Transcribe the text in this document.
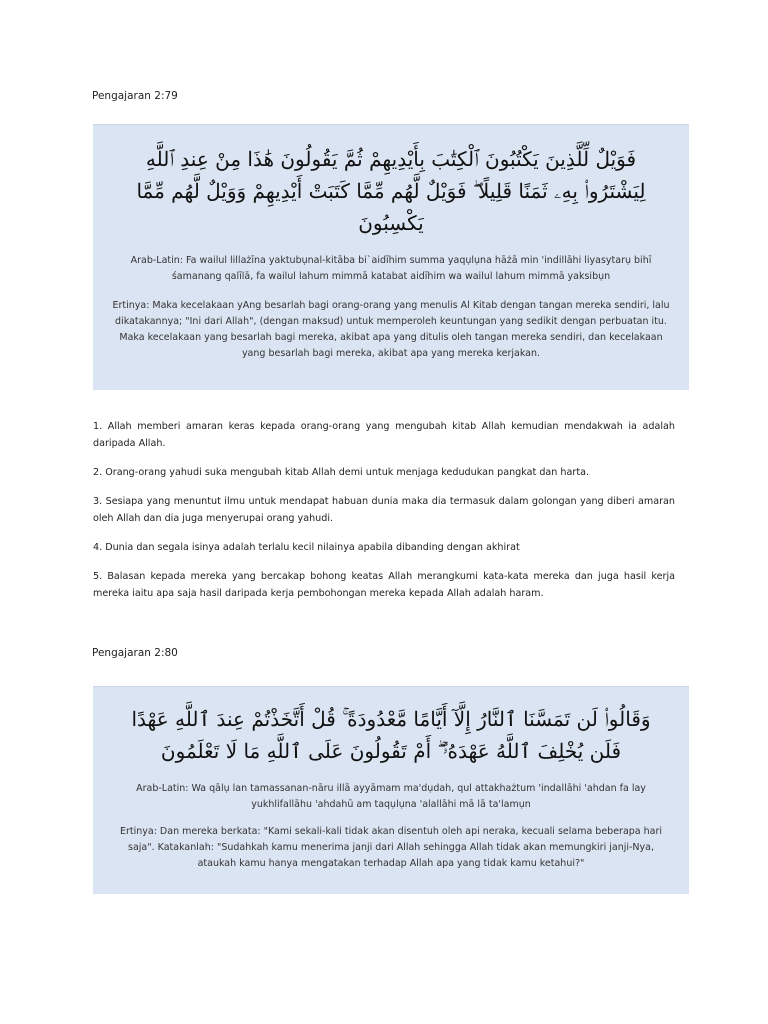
Pengajaran 2:79
فَوَيْلٌ لِّلَّذِينَ يَكْتُبُونَ ٱلْكِتَٰبَ بِأَيْدِيهِمْ ثُمَّ يَقُولُونَ هَٰذَا مِنْ عِندِ ٱللَّهِ لِيَشْتَرُوا۟ بِهِۦ ثَمَنًا قَلِيلًا ۖ فَوَيْلٌ لَّهُم مِّمَّا كَتَبَتْ أَيْدِيهِمْ وَوَيْلٌ لَّهُم مِّمَّا يَكْسِبُونَ
Arab-Latin: Fa wailul lillażīna yaktubụnal-kitāba bi`aidīhim summa yaqụlụna hāżā min 'indillāhi liyasytarụ bihī śamanang qalīlā, fa wailul lahum mimmā katabat aidīhim wa wailul lahum mimmā yaksibụn
Ertinya: Maka kecelakaan yAng besarlah bagi orang-orang yang menulis Al Kitab dengan tangan mereka sendiri, lalu dikatakannya; "Ini dari Allah", (dengan maksud) untuk memperoleh keuntungan yang sedikit dengan perbuatan itu. Maka kecelakaan yang besarlah bagi mereka, akibat apa yang ditulis oleh tangan mereka sendiri, dan kecelakaan yang besarlah bagi mereka, akibat apa yang mereka kerjakan.

1. Allah memberi amaran keras kepada orang-orang yang mengubah kitab Allah kemudian mendakwah ia adalah daripada Allah.

2. Orang-orang yahudi suka mengubah kitab Allah demi untuk menjaga kedudukan pangkat dan harta.

3. Sesiapa yang menuntut ilmu untuk mendapat habuan dunia maka dia termasuk dalam golongan yang diberi amaran oleh Allah dan dia juga menyerupai orang yahudi.

4. Dunia dan segala isinya adalah terlalu kecil nilainya apabila dibanding dengan akhirat

5. Balasan kepada mereka yang bercakap bohong keatas Allah merangkumi kata-kata mereka dan juga hasil kerja mereka iaitu apa saja hasil daripada kerja pembohongan mereka kepada Allah adalah haram.

Pengajaran 2:80
وَقَالُوا۟ لَن تَمَسَّنَا ٱلنَّارُ إِلَّآ أَيَّامًا مَّعْدُودَةً ۚ قُلْ أَتَّخَذْتُمْ عِندَ ٱللَّهِ عَهْدًا فَلَن يُخْلِفَ ٱللَّهُ عَهْدَهُۥٓ ۖ أَمْ تَقُولُونَ عَلَى ٱللَّهِ مَا لَا تَعْلَمُونَ
Arab-Latin: Wa qālụ lan tamassanan-nāru illā ayyāmam ma'dụdah, qul attakhażtum 'indallāhi 'ahdan fa lay yukhlifallāhu 'ahdahū am taqụlụna 'alallāhi mā lā ta'lamụn
Ertinya: Dan mereka berkata: "Kami sekali-kali tidak akan disentuh oleh api neraka, kecuali selama beberapa hari saja". Katakanlah: "Sudahkah kamu menerima janji dari Allah sehingga Allah tidak akan memungkiri janji-Nya, ataukah kamu hanya mengatakan terhadap Allah apa yang tidak kamu ketahui?"
